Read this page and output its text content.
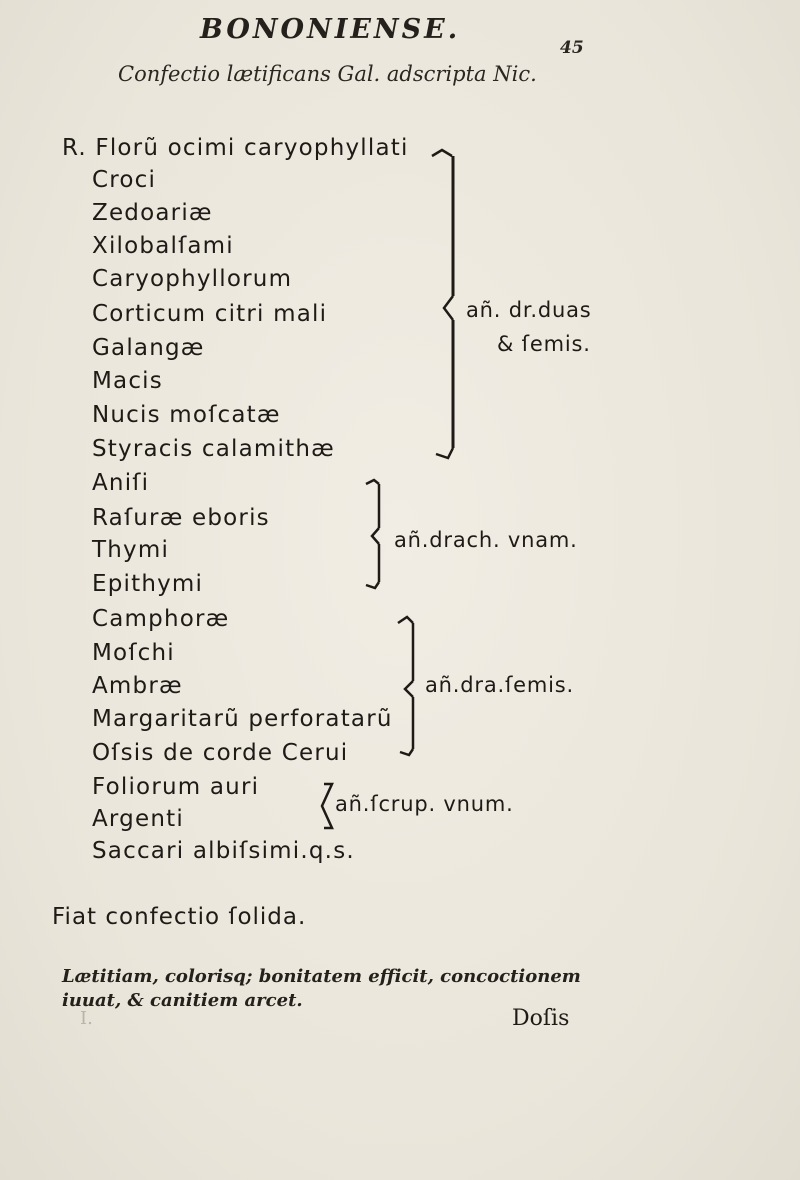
BONONIENSE.
45
Confectio lætificans Gal. adscripta Nic.
R. Florũ ocimi caryophyllati
Croci
Zedoariæ
Xilobalſami
Caryophyllorum
Corticum citri mali
Galangæ
Macis
Nucis moſcatæ
Styracis calamithæ
añ. dr.duas
& ſemis.
Aniſi
Raſuræ eboris
Thymi
Epithymi
añ.drach. vnam.
Camphoræ
Moſchi
Ambræ
Margaritarũ perforatarũ
Oſsis de corde Cerui
añ.dra.ſemis.
Foliorum auri
Argenti
Saccari albiſsimi.q.s.
añ.ſcrup. vnum.
Fiat confectio ſolida.
Lætitiam, colorisq; bonitatem efficit, concoctionem
iuuat, & canitiem arcet.
I.	Doſis
